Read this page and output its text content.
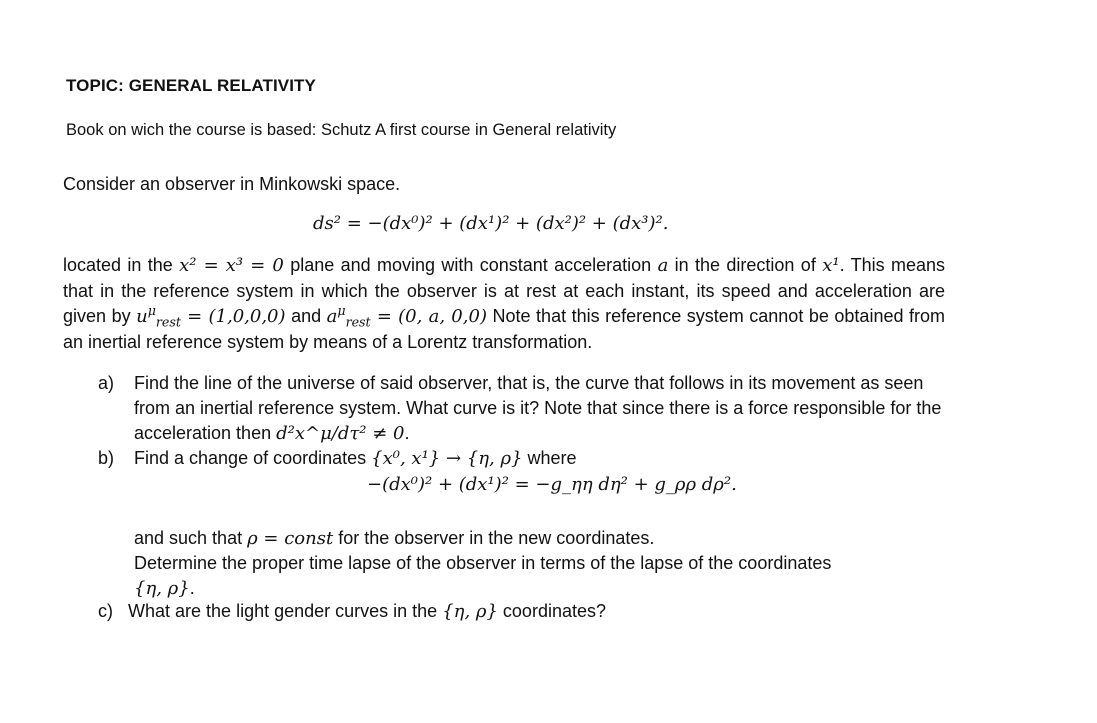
TOPIC: GENERAL RELATIVITY
Book on wich the course is based: Schutz A first course in General relativity
Consider an observer in Minkowski space.
ds² = −(dx⁰)² + (dx¹)² + (dx²)² + (dx³)².
located in the x² = x³ = 0 plane and moving with constant acceleration a in the direction of x¹. This means that in the reference system in which the observer is at rest at each instant, its speed and acceleration are given by $u^\mu_{rest} = (1,0,0,0)$ and $a^\mu_{rest} = (0$, a, 0,0) Note that this reference system cannot be obtained from an inertial reference system by means of a Lorentz transformation.
a) Find the line of the universe of said observer, that is, the curve that follows in its movement as seen from an inertial reference system. What curve is it? Note that since there is a force responsible for the acceleration then d²x^μ/dτ² ≠ 0.
b) Find a change of coordinates {x⁰, x¹} → {η, ρ} where
−(dx⁰)² + (dx¹)² = −g_ηη dη² + g_ρρ dρ².
and such that ρ = const for the observer in the new coordinates.
Determine the proper time lapse of the observer in terms of the lapse of the coordinates
{η, ρ}.
c) What are the light gender curves in the {η, ρ} coordinates?
